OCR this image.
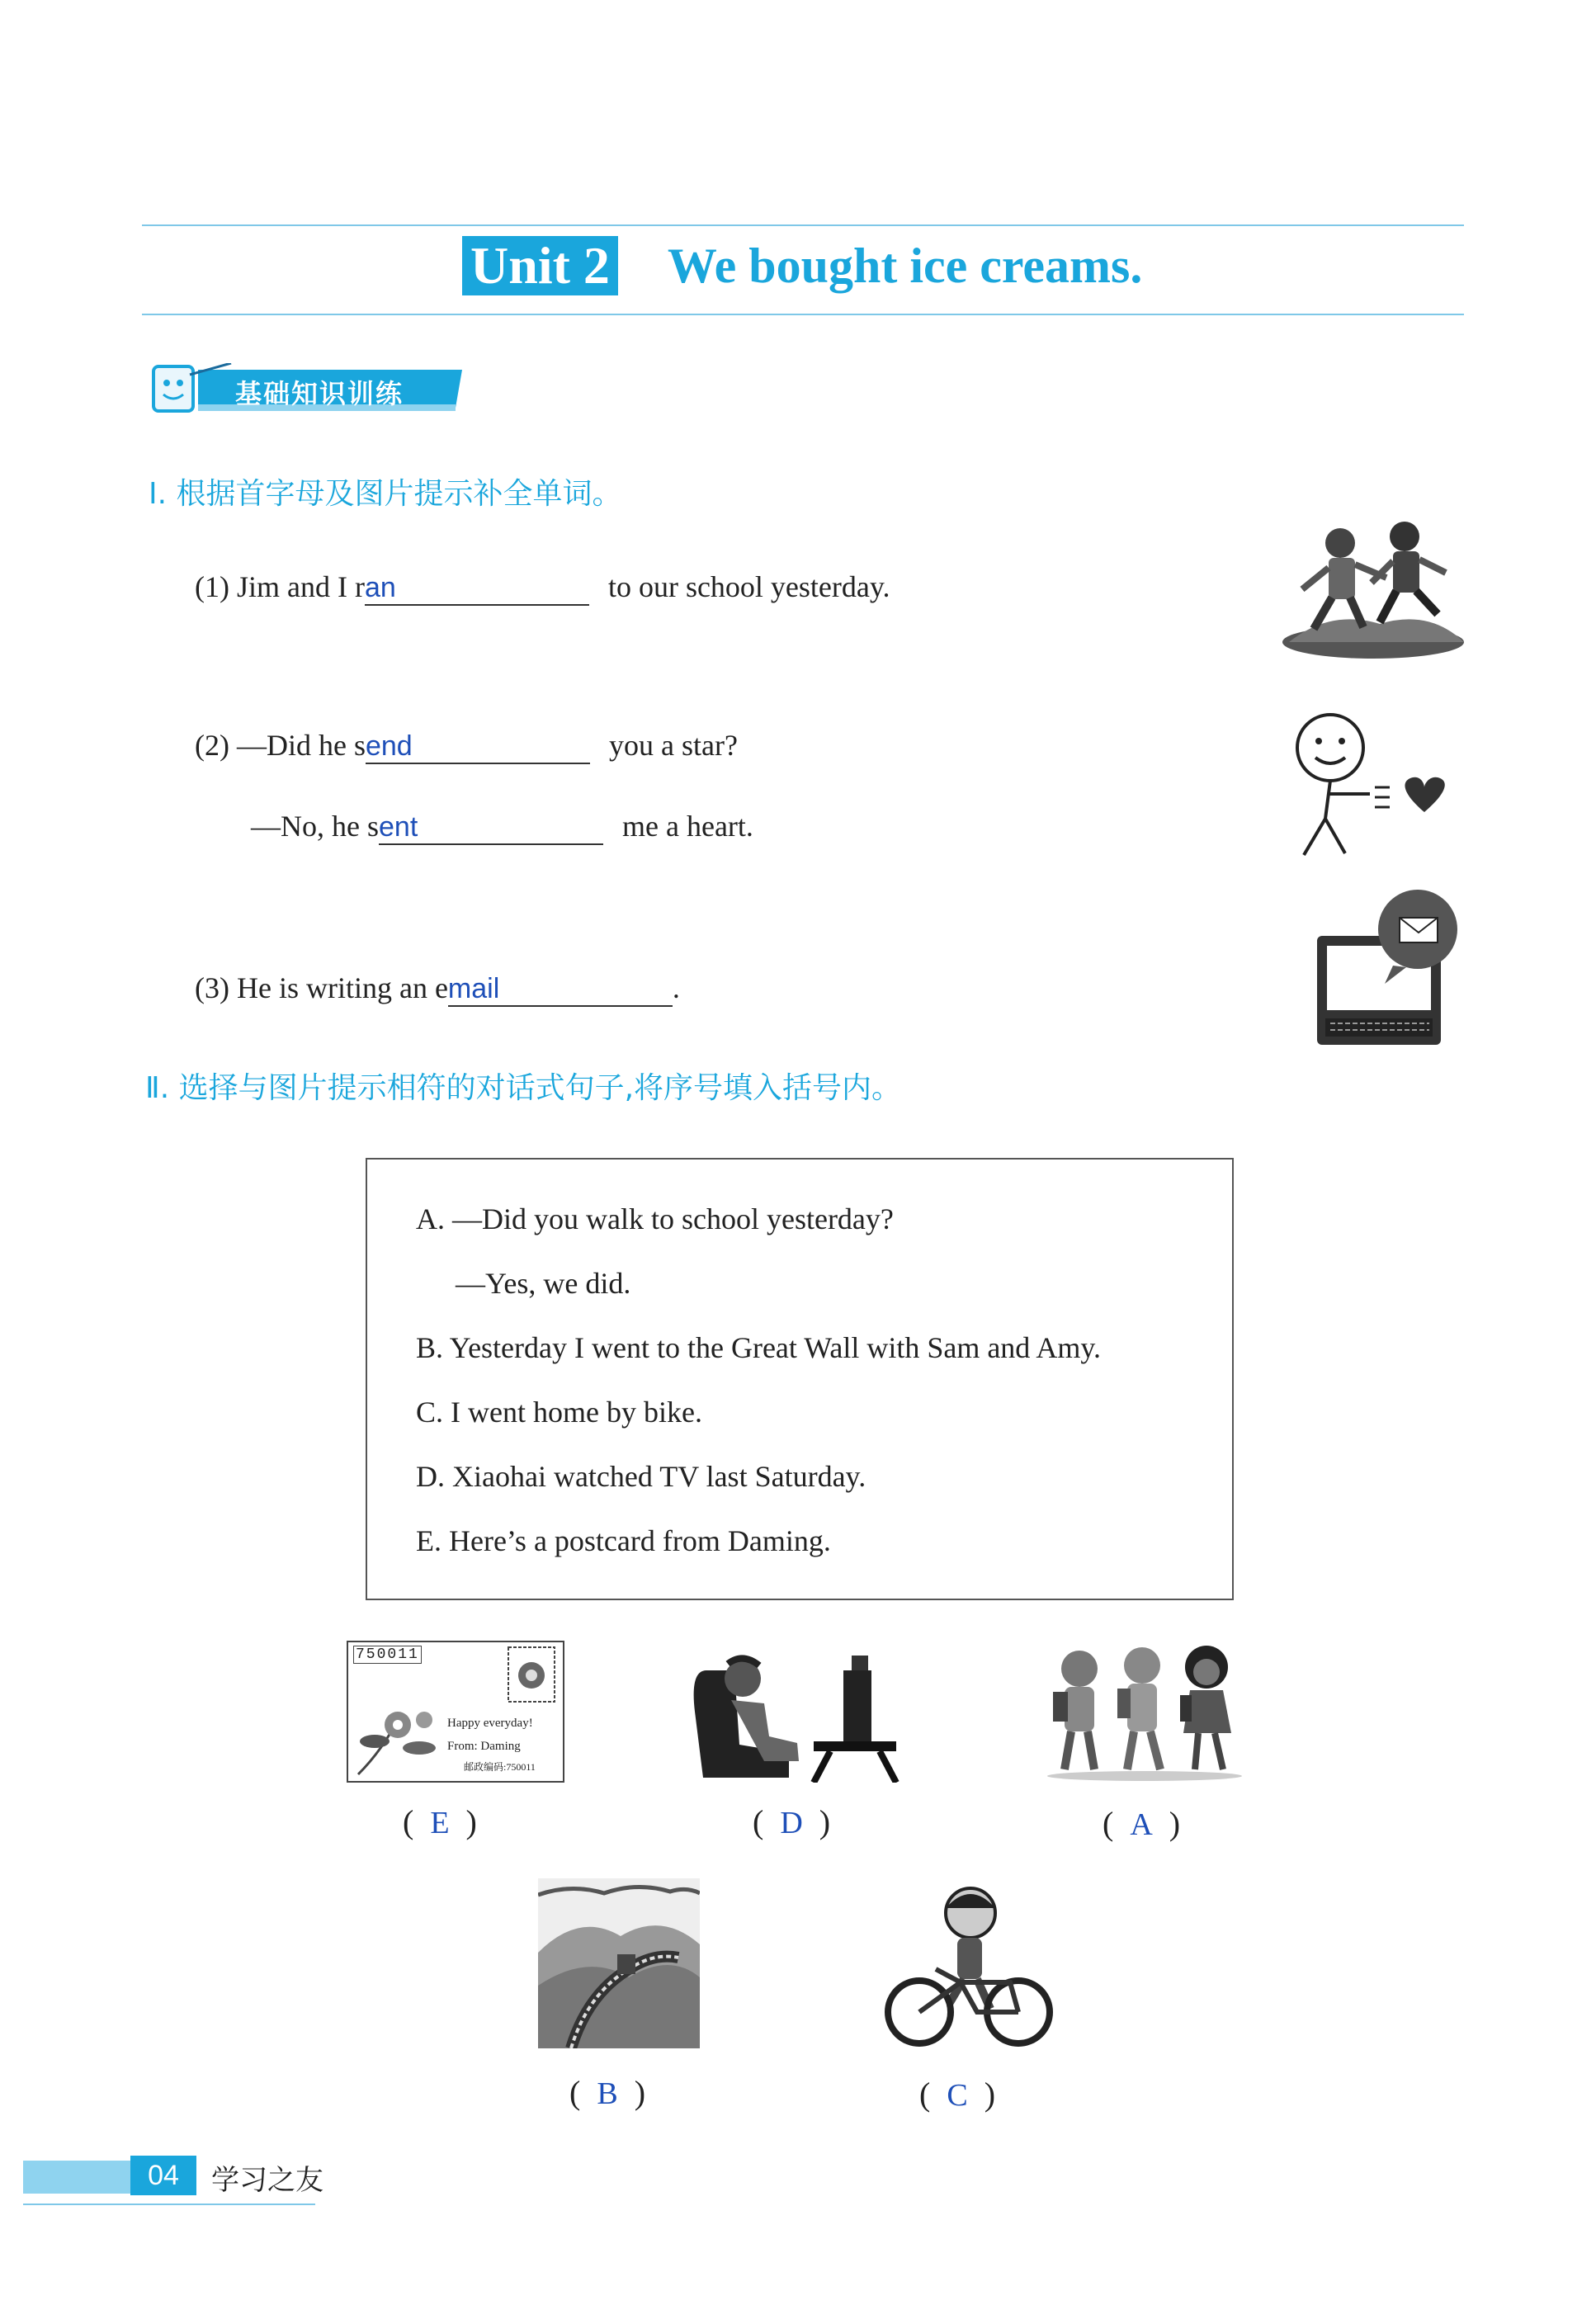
Unit 2 We bought ice creams.
基础知识训练
Ⅰ. 根据首字母及图片提示补全单词。
(1) Jim and I ran	to our school yesterday.
(2) —Did he send	you a star?
—No, he sent	me a heart.
(3) He is writing an email	.
Ⅱ. 选择与图片提示相符的对话式句子,将序号填入括号内。
A. —Did you walk to school yesterday?
—Yes, we did.
B. Yesterday I went to the Great Wall with Sam and Amy.
C. I went home by bike.
D. Xiaohai watched TV last Saturday.
E. Here’s a postcard from Daming.
750011
Happy everyday!
From: Daming
邮政编码:750011
(  E  )	(  D  )	(  A  )
(  B  )	(  C  )
04	学习之友
